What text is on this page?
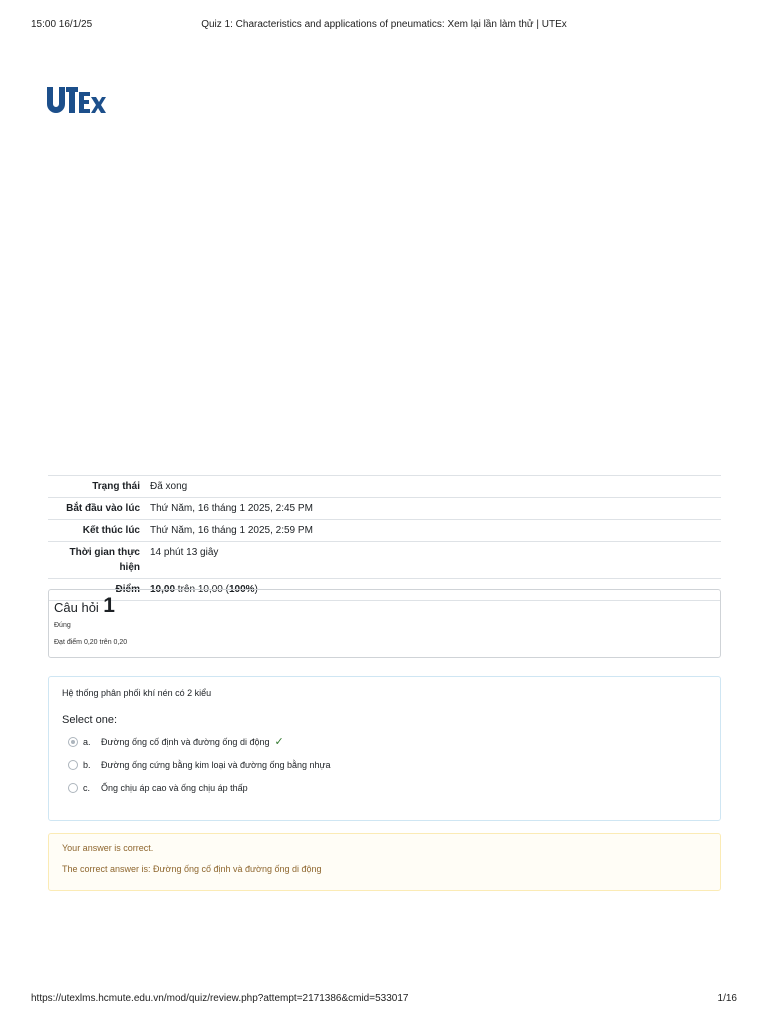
15:00 16/1/25	Quiz 1: Characteristics and applications of pneumatics: Xem lại lần làm thử | UTEx
Trạng thái	Đã xong
Bắt đầu vào lúc	Thứ Năm, 16 tháng 1 2025, 2:45 PM
Kết thúc lúc	Thứ Năm, 16 tháng 1 2025, 2:59 PM
Thời gian thực hiện	14 phút 13 giây
Điểm	10,00 trên 10,00 (100%)
Câu hỏi 1
Đúng
Đạt điểm 0,20 trên 0,20
Hệ thống phân phối khí nén có 2 kiểu
Select one:
a.	Đường ống cố định và đường ống di động ✓
b.	Đường ống cứng bằng kim loại và đường ống bằng nhựa
c.	Ống chịu áp cao và ống chịu áp thấp
Your answer is correct.
The correct answer is: Đường ống cố định và đường ống di động
https://utexlms.hcmute.edu.vn/mod/quiz/review.php?attempt=2171386&cmid=533017	1/16
